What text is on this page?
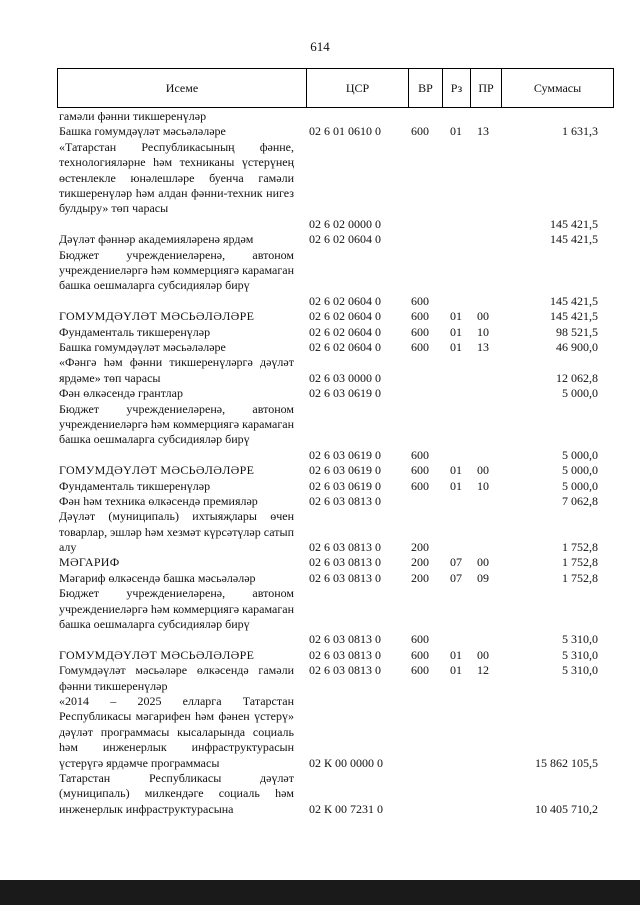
614
Исеме	ЦСР	ВР	Рз	ПР	Суммасы
гамәли фәнни тикшеренүләр
Башка гомумдәүләт мәсьәләләре	02 6 01 0610 0	600	01	13	1 631,3
«Татарстан Республикасының фәнне, технологияләрне һәм техниканы үстерүнең өстенлекле юнәлешләре буенча гамәли тикшеренүләр һәм алдан фәнни-техник нигез булдыру» төп чарасы
02 6 02 0000 0	145 421,5
Дәүләт фәннәр академияләренә ярдәм	02 6 02 0604 0	145 421,5
Бюджет учреждениеләренә, автоном учреждениеләргә һәм коммерциягә карамаган башка оешмаларга субсидияләр бирү
02 6 02 0604 0	600	145 421,5
ГОМУМДӘҮЛӘТ МӘСЬӘЛӘЛӘРЕ	02 6 02 0604 0	600	01	00	145 421,5
Фундаменталь тикшеренүләр	02 6 02 0604 0	600	01	10	98 521,5
Башка гомумдәүләт мәсьәләләре	02 6 02 0604 0	600	01	13	46 900,0
«Фәнгә һәм фәнни тикшеренүләргә дәүләт ярдәме» төп чарасы	02 6 03 0000 0	12 062,8
Фән өлкәсендә грантлар	02 6 03 0619 0	5 000,0
Бюджет учреждениеләренә, автоном учреждениеләргә һәм коммерциягә карамаган башка оешмаларга субсидияләр бирү
02 6 03 0619 0	600	5 000,0
ГОМУМДӘҮЛӘТ МӘСЬӘЛӘЛӘРЕ	02 6 03 0619 0	600	01	00	5 000,0
Фундаменталь тикшеренүләр	02 6 03 0619 0	600	01	10	5 000,0
Фән һәм техника өлкәсендә премияләр	02 6 03 0813 0	7 062,8
Дәүләт (муниципаль) ихтыяҗлары өчен товарлар, эшләр һәм хезмәт күрсәтүләр сатып алу	02 6 03 0813 0	200	1 752,8
МӘГАРИФ	02 6 03 0813 0	200	07	00	1 752,8
Мәгариф өлкәсендә башка мәсьәләләр	02 6 03 0813 0	200	07	09	1 752,8
Бюджет учреждениеләренә, автоном учреждениеләргә һәм коммерциягә карамаган башка оешмаларга субсидияләр бирү
02 6 03 0813 0	600	5 310,0
ГОМУМДӘҮЛӘТ МӘСЬӘЛӘЛӘРЕ	02 6 03 0813 0	600	01	00	5 310,0
Гомумдәүләт мәсьәләре өлкәсендә гамәли фәнни тикшеренүләр
02 6 03 0813 0	600	01	12	5 310,0
«2014 – 2025 елларга Татарстан Республикасы мәгарифен һәм фәнен үстерү» дәүләт программасы кысаларында социаль һәм инженерлык инфраструктурасын үстерүгә ярдәмче программасы	02 К 00 0000 0	15 862 105,5
Татарстан Республикасы дәүләт (муниципаль) милкендәге социаль һәм инженерлык инфраструктурасына	02 К 00 7231 0	10 405 710,2
